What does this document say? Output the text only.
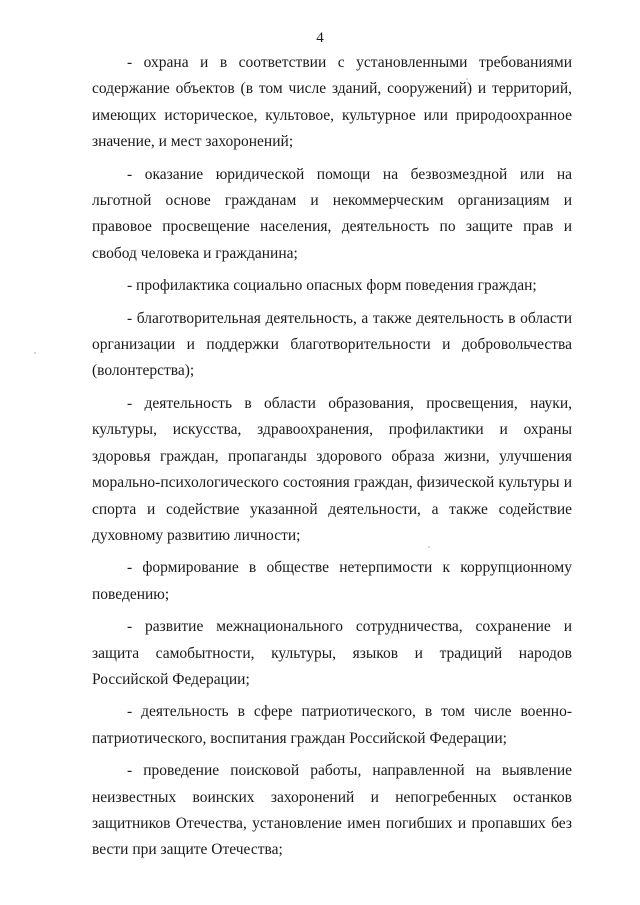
4

- охрана и в соответствии с установленными требованиями содержание объектов (в том числе зданий, сооружений) и территорий, имеющих историческое, культовое, культурное или природоохранное значение, и мест захоронений;

- оказание юридической помощи на безвозмездной или на льготной основе гражданам и некоммерческим организациям и правовое просвещение населения, деятельность по защите прав и свобод человека и гражданина;

- профилактика социально опасных форм поведения граждан;

- благотворительная деятельность, а также деятельность в области организации и поддержки благотворительности и добровольчества (волонтерства);

- деятельность в области образования, просвещения, науки, культуры, искусства, здравоохранения, профилактики и охраны здоровья граждан, пропаганды здорового образа жизни, улучшения морально-психологического состояния граждан, физической культуры и спорта и содействие указанной деятельности, а также содействие духовному развитию личности;

- формирование в обществе нетерпимости к коррупционному поведению;

- развитие межнационального сотрудничества, сохранение и защита самобытности, культуры, языков и традиций народов Российской Федерации;

- деятельность в сфере патриотического, в том числе военно-патриотического, воспитания граждан Российской Федерации;

- проведение поисковой работы, направленной на выявление неизвестных воинских захоронений и непогребенных останков защитников Отечества, установление имен погибших и пропавших без вести при защите Отечества;
